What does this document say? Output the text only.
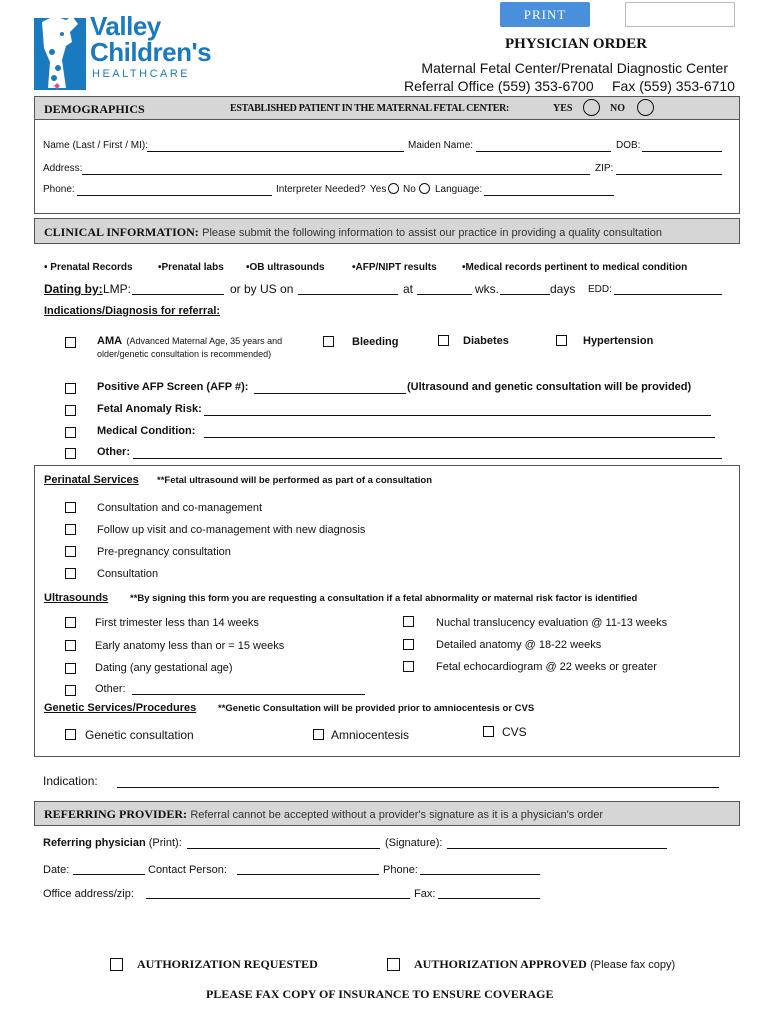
PRINT
Valley
Children's
HEALTHCARE
PHYSICIAN ORDER
Maternal Fetal Center/Prenatal Diagnostic Center
Referral Office (559) 353-6700 Fax (559) 353-6710
DEMOGRAPHICS	ESTABLISHED PATIENT IN THE MATERNAL FETAL CENTER:	YES	NO
Name (Last / First / MI):	Maiden Name:	DOB:
Address:	ZIP:
Phone:	Interpreter Needed? Yes No Language:
CLINICAL INFORMATION: Please submit the following information to assist our practice in providing a quality consultation
• Prenatal Records	•Prenatal labs •OB ultrasounds	•AFP/NIPT results	•Medical records pertinent to medical condition
Dating by: LMP:	or by US on	at	wks.	days EDD:
Indications/Diagnosis for referral:
AMA (Advanced Maternal Age, 35 years and
older/genetic consultation is recommended)
Bleeding	Diabetes	Hypertension
Positive AFP Screen (AFP #):	(Ultrasound and genetic consultation will be provided)
Fetal Anomaly Risk:
Medical Condition:
Other:
Perinatal Services **Fetal ultrasound will be performed as part of a consultation
Consultation and co-management
Follow up visit and co-management with new diagnosis
Pre-pregnancy consultation
Consultation
Ultrasounds **By signing this form you are requesting a consultation if a fetal abnormality or maternal risk factor is identified
First trimester less than 14 weeks
Early anatomy less than or = 15 weeks
Dating (any gestational age)
Other:
Nuchal translucency evaluation @ 11-13 weeks
Detailed anatomy @ 18-22 weeks
Fetal echocardiogram @ 22 weeks or greater
Genetic Services/Procedures **Genetic Consultation will be provided prior to amniocentesis or CVS
Genetic consultation	Amniocentesis	CVS
Indication:
REFERRING PROVIDER: Referral cannot be accepted without a provider's signature as it is a physician's order
Referring physician (Print):	(Signature):
Date:	Contact Person:	Phone:
Office address/zip:	Fax:
AUTHORIZATION REQUESTED	AUTHORIZATION APPROVED (Please fax copy)
PLEASE FAX COPY OF INSURANCE TO ENSURE COVERAGE
